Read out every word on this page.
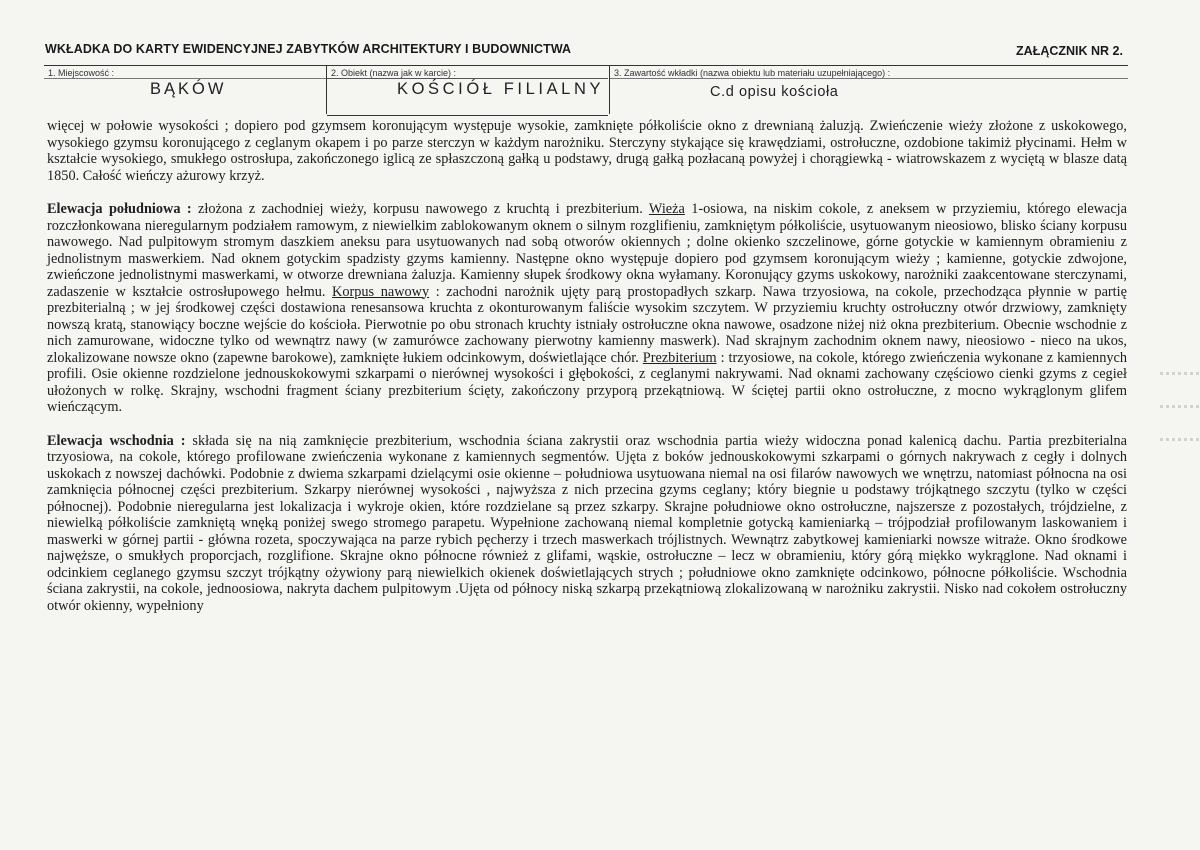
WKŁADKA DO KARTY EWIDENCYJNEJ ZABYTKÓW ARCHITEKTURY I BUDOWNICTWA	ZAŁĄCZNIK NR 2.
1. Miejscowość :
BĄKÓW
2. Obiekt (nazwa jak w karcie) :
KOŚCIÓŁ FILIALNY
3. Zawartość wkładki (nazwa obiektu lub materiału uzupełniającego) :
C.d opisu kościoła

więcej w połowie wysokości ; dopiero pod gzymsem koronującym występuje wysokie, zamknięte półkoliście okno z drewnianą żaluzją. Zwieńczenie wieży złożone z uskokowego, wysokiego gzymsu koronującego z ceglanym okapem i po parze sterczyn w każdym narożniku. Sterczyny stykające się krawędziami, ostrołuczne, ozdobione takimiż płycinami. Hełm w kształcie wysokiego, smukłego ostrosłupa, zakończonego iglicą ze spłaszczoną gałką u podstawy, drugą gałką pozłacaną powyżej i chorągiewką - wiatrowskazem z wyciętą w blasze datą 1850. Całość wieńczy ażurowy krzyż.

Elewacja południowa : złożona z zachodniej wieży, korpusu nawowego z kruchtą i prezbiterium. Wieża 1-osiowa, na niskim cokole, z aneksem w przyziemiu, którego elewacja rozczłonkowana nieregularnym podziałem ramowym, z niewielkim zablokowanym oknem o silnym rozglifieniu, zamkniętym półkoliście, usytuowanym nieosiowo, blisko ściany korpusu nawowego. Nad pulpitowym stromym daszkiem aneksu para usytuowanych nad sobą otworów okiennych ; dolne okienko szczelinowe, górne gotyckie w kamiennym obramieniu z jednolistnym maswerkiem. Nad oknem gotyckim spadzisty gzyms kamienny. Następne okno występuje dopiero pod gzymsem koronującym wieży ; kamienne, gotyckie zdwojone, zwieńczone jednolistnymi maswerkami, w otworze drewniana żaluzja. Kamienny słupek środkowy okna wyłamany. Koronujący gzyms uskokowy, narożniki zaakcentowane sterczynami, zadaszenie w kształcie ostrosłupowego hełmu. Korpus nawowy : zachodni narożnik ujęty parą prostopadłych szkarp. Nawa trzyosiowa, na cokole, przechodząca płynnie w partię prezbiterialną ; w jej środkowej części dostawiona renesansowa kruchta z okonturowanym faliście wysokim szczytem. W przyziemiu kruchty ostrołuczny otwór drzwiowy, zamknięty nowszą kratą, stanowiący boczne wejście do kościoła. Pierwotnie po obu stronach kruchty istniały ostrołuczne okna nawowe, osadzone niżej niż okna prezbiterium. Obecnie wschodnie z nich zamurowane, widoczne tylko od wewnątrz nawy (w zamurówce zachowany pierwotny kamienny maswerk). Nad skrajnym zachodnim oknem nawy, nieosiowo - nieco na ukos, zlokalizowane nowsze okno (zapewne barokowe), zamknięte łukiem odcinkowym, doświetlające chór. Prezbiterium : trzyosiowe, na cokole, którego zwieńczenia wykonane z kamiennych profili. Osie okienne rozdzielone jednouskokowymi szkarpami o nierównej wysokości i głębokości, z ceglanymi nakrywami. Nad oknami zachowany częściowo cienki gzyms z cegieł ułożonych w rolkę. Skrajny, wschodni fragment ściany prezbiterium ścięty, zakończony przyporą przekątniową. W ściętej partii okno ostrołuczne, z mocno wykrąglonym glifem wieńczącym.

Elewacja wschodnia : składa się na nią zamknięcie prezbiterium, wschodnia ściana zakrystii oraz wschodnia partia wieży widoczna ponad kalenicą dachu. Partia prezbiterialna trzyosiowa, na cokole, którego profilowane zwieńczenia wykonane z kamiennych segmentów. Ujęta z boków jednouskokowymi szkarpami o górnych nakrywach z cegły i dolnych uskokach z nowszej dachówki. Podobnie z dwiema szkarpami dzielącymi osie okienne – południowa usytuowana niemal na osi filarów nawowych we wnętrzu, natomiast północna na osi zamknięcia północnej części prezbiterium. Szkarpy nierównej wysokości , najwyższa z nich przecina gzyms ceglany; który biegnie u podstawy trójkątnego szczytu (tylko w części północnej). Podobnie nieregularna jest lokalizacja i wykroje okien, które rozdzielane są przez szkarpy. Skrajne południowe okno ostrołuczne, najszersze z pozostałych, trójdzielne, z niewielką półkoliście zamkniętą wnęką poniżej swego stromego parapetu. Wypełnione zachowaną niemal kompletnie gotycką kamieniarką – trójpodział profilowanym laskowaniem i maswerki w górnej partii - główna rozeta, spoczywająca na parze rybich pęcherzy i trzech maswerkach trójlistnych. Wewnątrz zabytkowej kamieniarki nowsze witraże. Okno środkowe najwęższe, o smukłych proporcjach, rozglifione. Skrajne okno północne również z glifami, wąskie, ostrołuczne – lecz w obramieniu, który górą miękko wykrąglone. Nad oknami i odcinkiem ceglanego gzymsu szczyt trójkątny ożywiony parą niewielkich okienek doświetlających strych ; południowe okno zamknięte odcinkowo, północne półkoliście. Wschodnia ściana zakrystii, na cokole, jednoosiowa, nakryta dachem pulpitowym .Ujęta od północy niską szkarpą przekątniową zlokalizowaną w narożniku zakrystii. Nisko nad cokołem ostrołuczny otwór okienny, wypełniony
